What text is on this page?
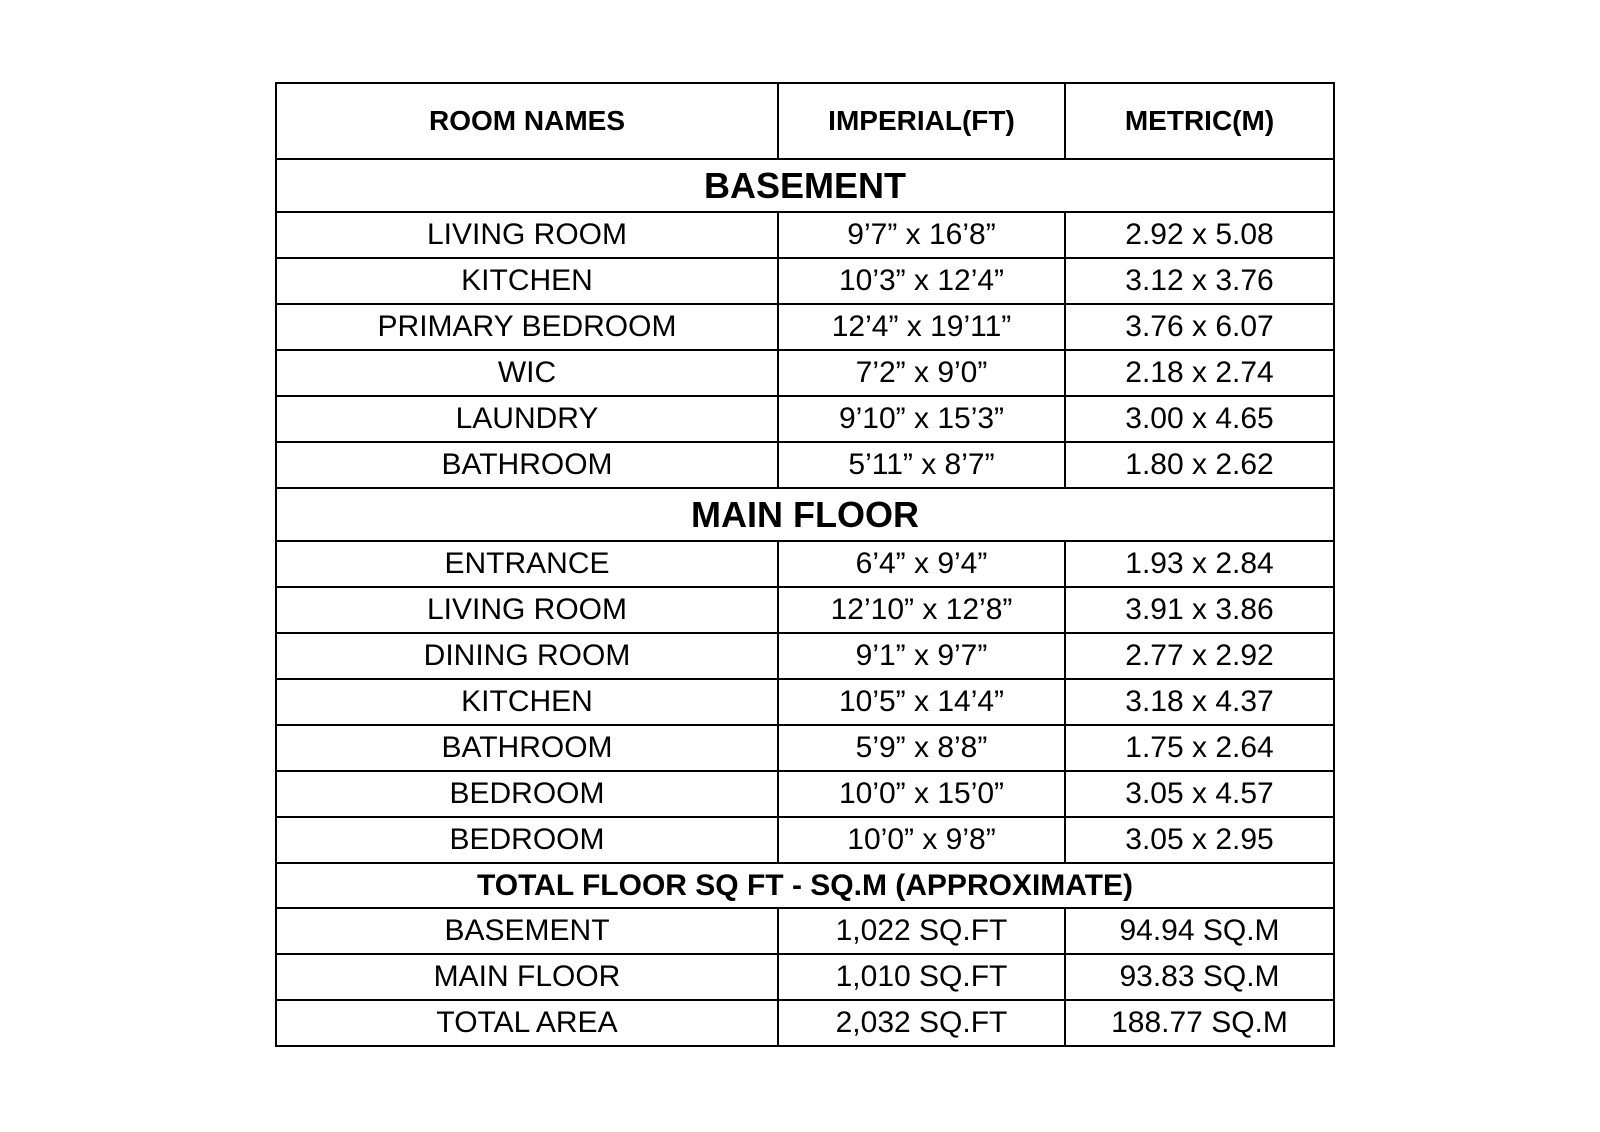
ROOM NAMES	IMPERIAL(FT)	METRIC(M)
BASEMENT		
LIVING ROOM	9’7” x 16’8”	2.92 x 5.08
KITCHEN	10’3” x 12’4”	3.12 x 3.76
PRIMARY BEDROOM	12’4” x 19’11”	3.76 x 6.07
WIC	7’2” x 9’0”	2.18 x 2.74
LAUNDRY	9’10” x 15’3”	3.00 x 4.65
BATHROOM	5’11” x 8’7”	1.80 x 2.62
MAIN FLOOR		
ENTRANCE	6’4” x 9’4”	1.93 x 2.84
LIVING ROOM	12’10” x 12’8”	3.91 x 3.86
DINING ROOM	9’1” x 9’7”	2.77 x 2.92
KITCHEN	10’5” x 14’4”	3.18 x 4.37
BATHROOM	5’9” x 8’8”	1.75 x 2.64
BEDROOM	10’0” x 15’0”	3.05 x 4.57
BEDROOM	10’0” x 9’8”	3.05 x 2.95
TOTAL FLOOR SQ FT - SQ.M (APPROXIMATE)		
BASEMENT	1,022 SQ.FT	94.94 SQ.M
MAIN FLOOR	1,010 SQ.FT	93.83 SQ.M
TOTAL AREA	2,032 SQ.FT	188.77 SQ.M
